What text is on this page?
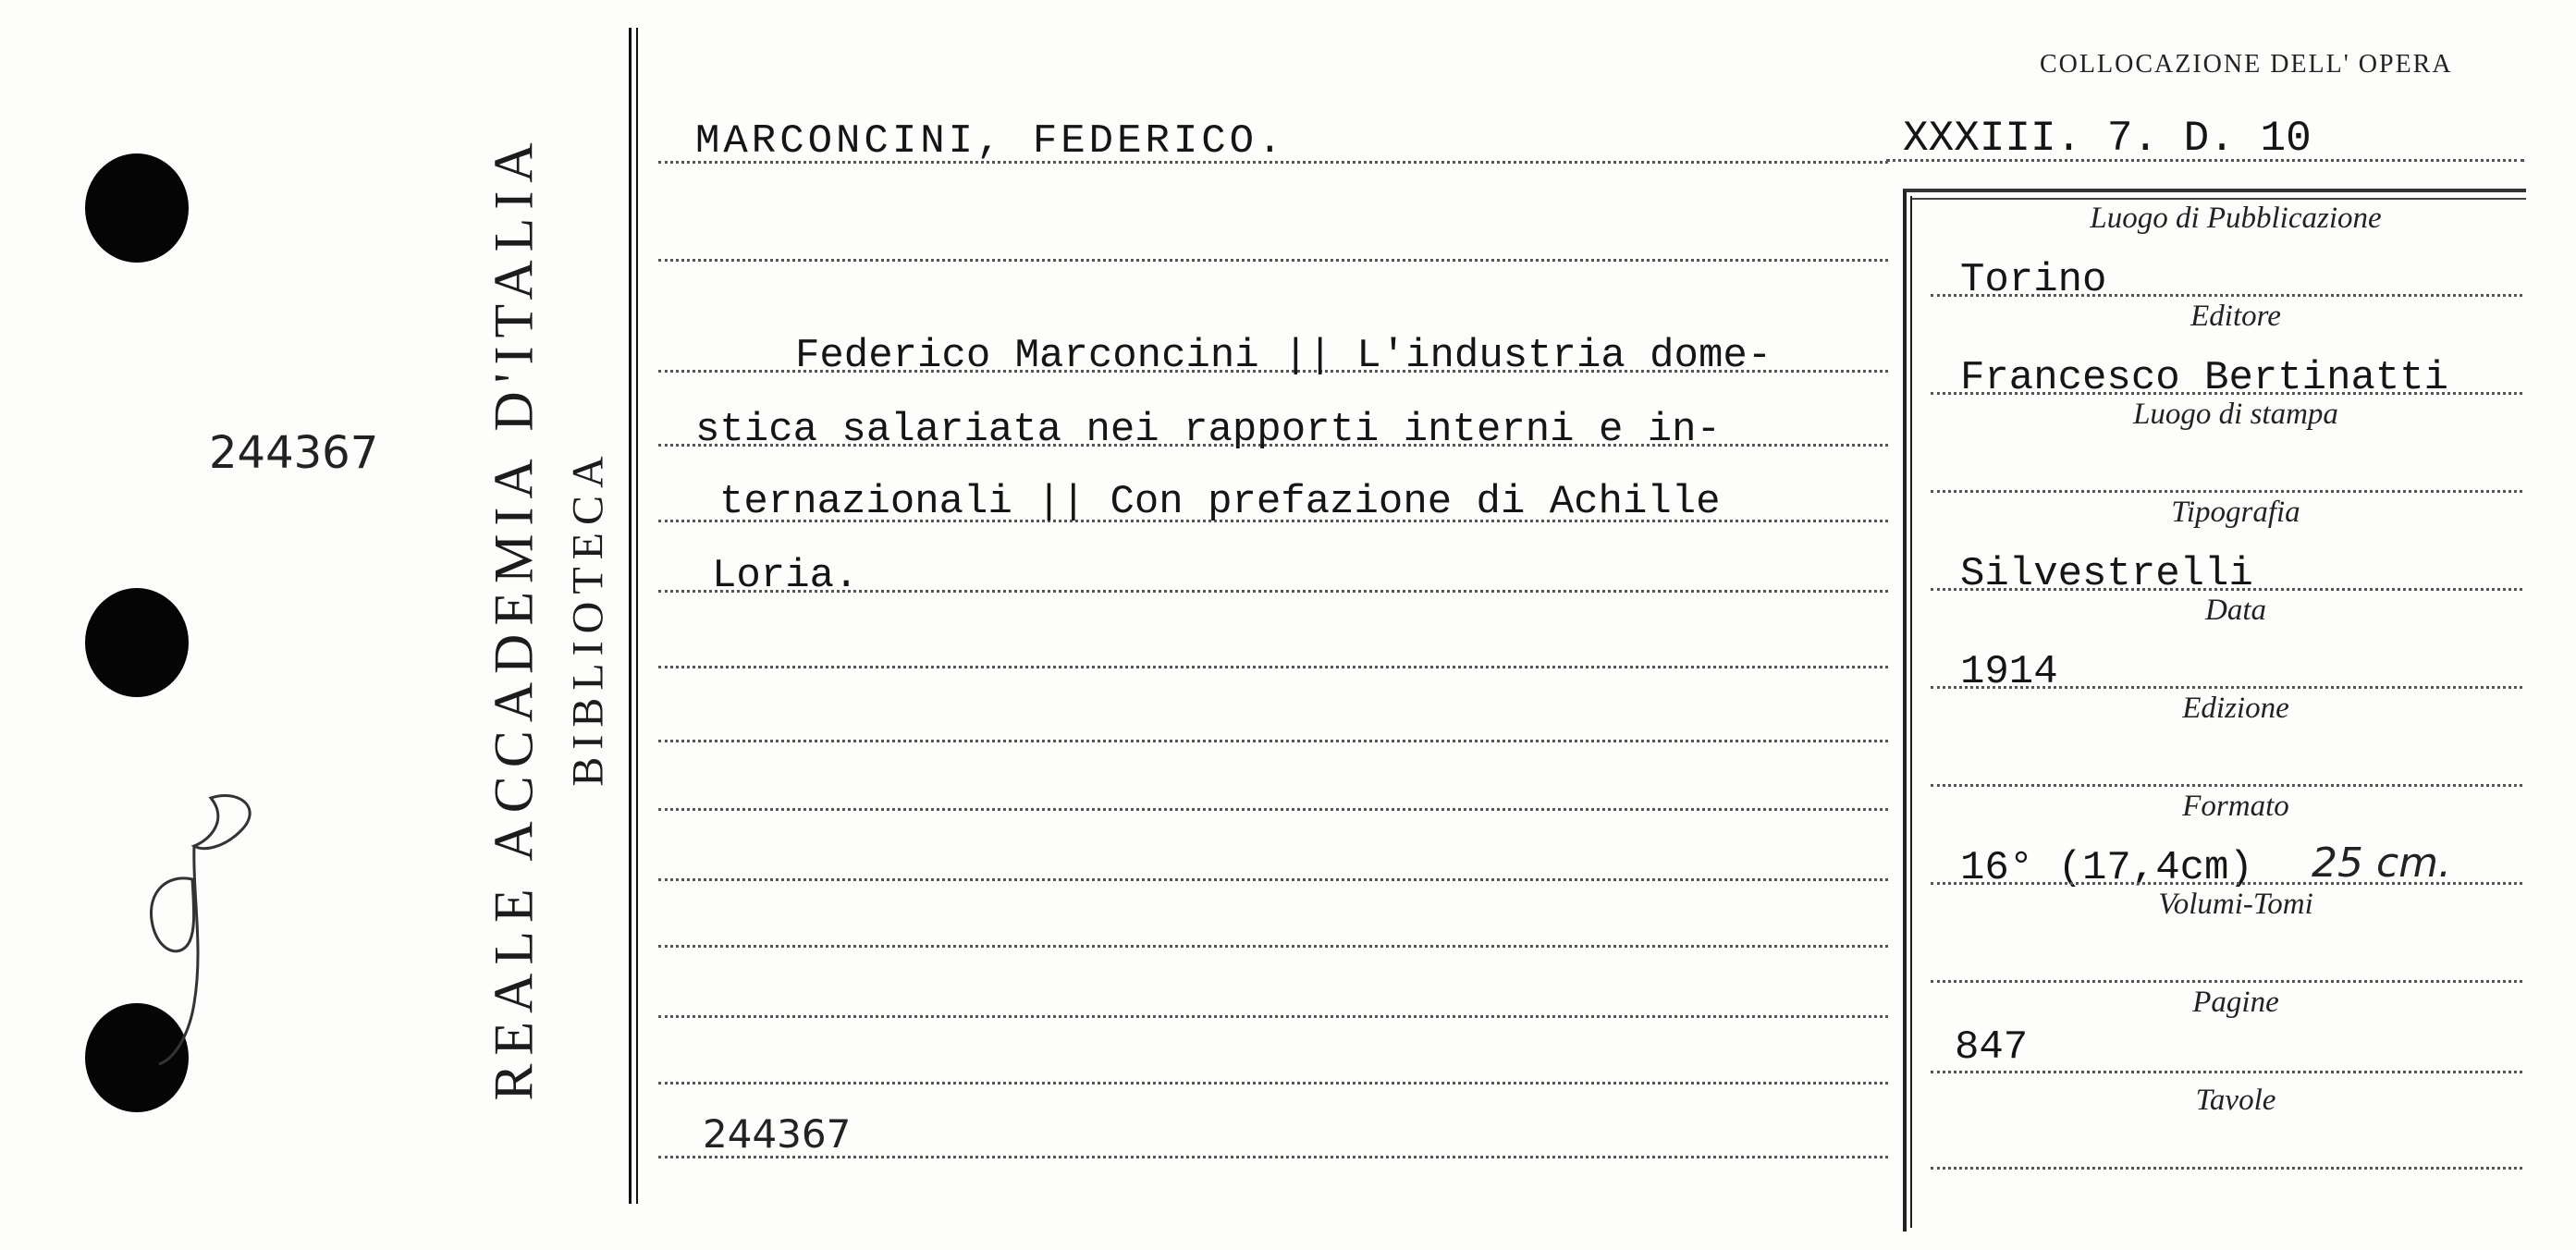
244367 REALE ACCADEMIA D'ITALIA BIBLIOTECA
COLLOCAZIONE DELL' OPERA
XXXIII. 7. D. 10
MARCONCINI, FEDERICO.
Federico Marconcini || L'industria dome-
stica salariata nei rapporti interni e in-
ternazionali || Con prefazione di Achille
Loria.
244367
Luogo di Pubblicazione
Editore
Luogo di stampa
Tipografia
Data
Edizione
Formato
Volumi-Tomi
Pagine
Tavole
Torino
Francesco Bertinatti
Silvestrelli
1914
16° (17,4cm) 25 cm.
847
